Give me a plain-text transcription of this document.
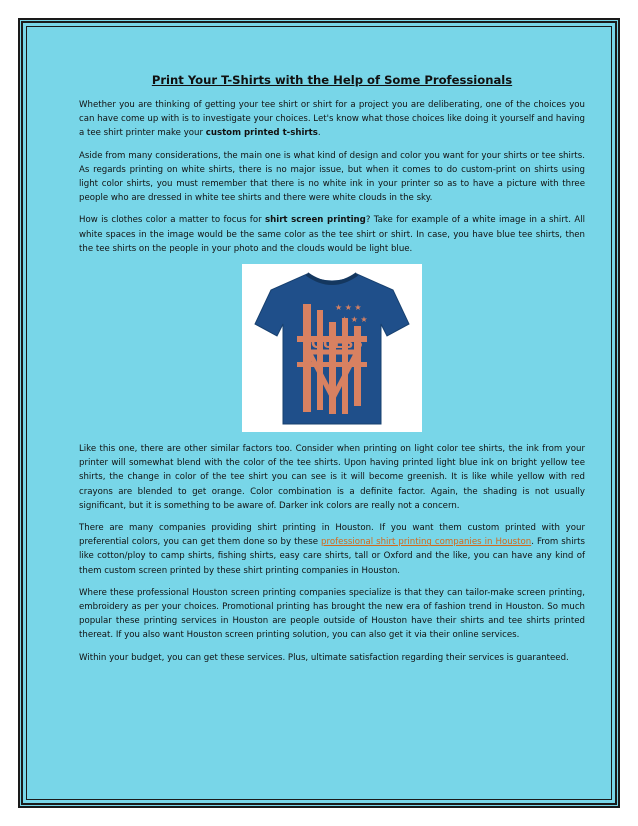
Print Your T-Shirts with the Help of Some Professionals

Whether you are thinking of getting your tee shirt or shirt for a project you are deliberating, one of the choices you can have come up with is to investigate your choices. Let's know what those choices like doing it yourself and having a tee shirt printer make your custom printed t-shirts.

Aside from many considerations, the main one is what kind of design and color you want for your shirts or tee shirts. As regards printing on white shirts, there is no major issue, but when it comes to do custom-print on shirts using light color shirts, you must remember that there is no white ink in your printer so as to have a picture with three people who are dressed in white tee shirts and there were white clouds in the sky.

How is clothes color a matter to focus for shirt screen printing? Take for example of a white image in a shirt. All white spaces in the image would be the same color as the tee shirt or shirt. In case, you have blue tee shirts, then the tee shirts on the people in your photo and the clouds would be light blue.

GUESS
★ ★ ★
★ ★ ★

Like this one, there are other similar factors too. Consider when printing on light color tee shirts, the ink from your printer will somewhat blend with the color of the tee shirts. Upon having printed light blue ink on bright yellow tee shirts, the change in color of the tee shirt you can see is it will become greenish. It is like while yellow with red crayons are blended to get orange. Color combination is a definite factor. Again, the shading is not usually significant, but it is something to be aware of. Darker ink colors are really not a concern.

There are many companies providing shirt printing in Houston. If you want them custom printed with your preferential colors, you can get them done so by these professional shirt printing companies in Houston. From shirts like cotton/ploy to camp shirts, fishing shirts, easy care shirts, tall or Oxford and the like, you can have any kind of them custom screen printed by these shirt printing companies in Houston.

Where these professional Houston screen printing companies specialize is that they can tailor-make screen printing, embroidery as per your choices. Promotional printing has brought the new era of fashion trend in Houston. So much popular these printing services in Houston are people outside of Houston have their shirts and tee shirts printed thereat. If you also want Houston screen printing solution, you can also get it via their online services.

Within your budget, you can get these services. Plus, ultimate satisfaction regarding their services is guaranteed.
